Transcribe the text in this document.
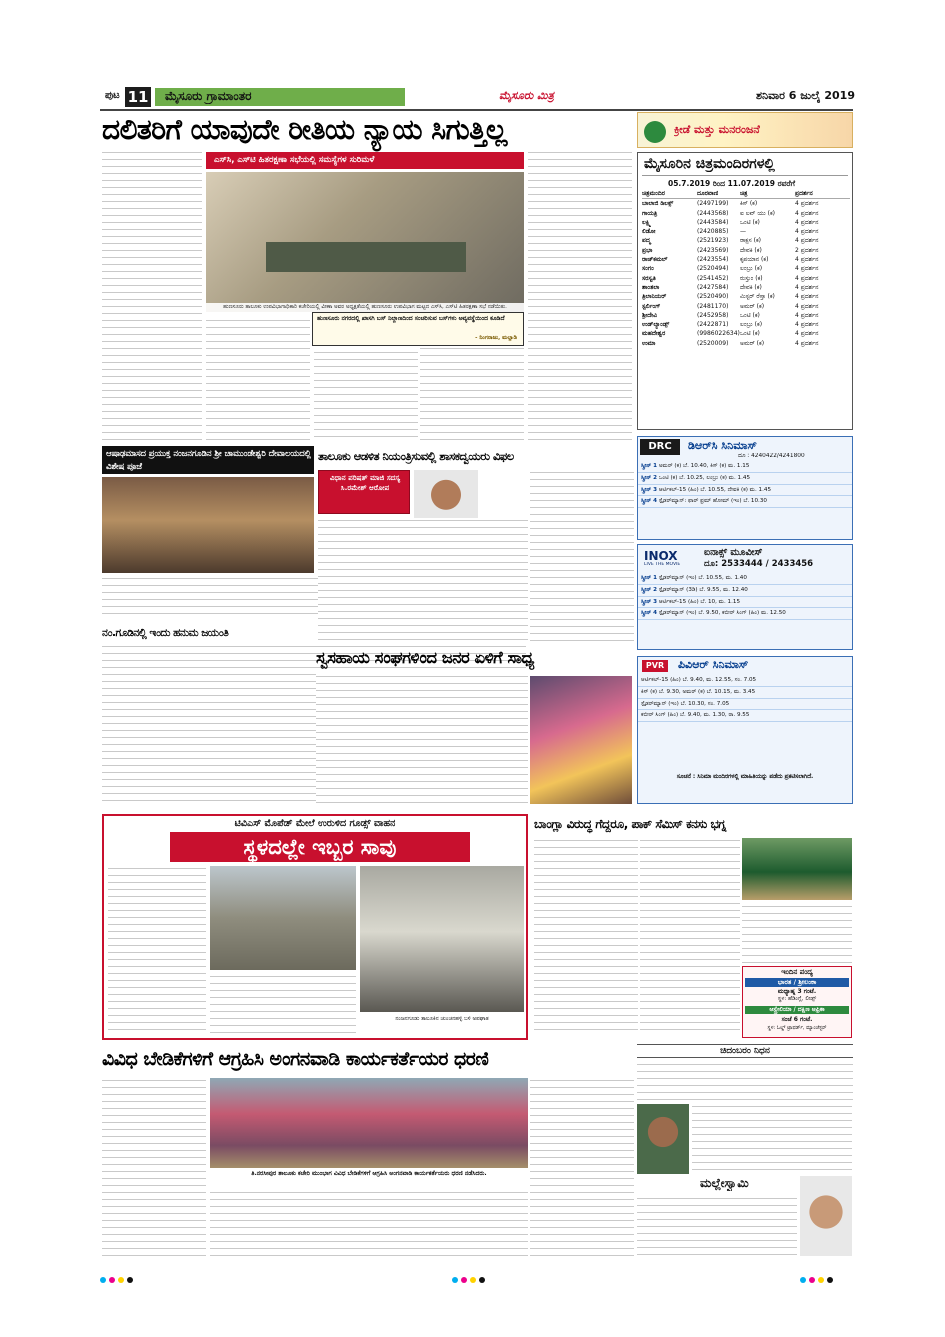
ಪುಟ 11 ಮೈಸೂರು ಗ್ರಾಮಾಂತರ	ಮೈಸೂರು ಮಿತ್ರ	ಶನಿವಾರ 6 ಜುಲೈ 2019
ದಲಿತರಿಗೆ ಯಾವುದೇ ರೀತಿಯ ನ್ಯಾಯ ಸಿಗುತ್ತಿಲ್ಲ
ಎಸ್‌ಸಿ, ಎಸ್‌ಟಿ ಹಿತರಕ್ಷಣಾ ಸಭೆಯಲ್ಲಿ ಸಮಸ್ಯೆಗಳ ಸುರಿಮಳೆ
ಹುಣಸೂರು ತಾಲೂಕು ಉಪವಿಭಾಗಾಧಿಕಾರಿ ಕಚೇರಿಯಲ್ಲಿ ವೀಣಾ ಅವರ ಅಧ್ಯಕ್ಷತೆಯಲ್ಲಿ ಹುಣಸೂರು ಉಪವಿಭಾಗ ಮಟ್ಟದ ಎಸ್‌ಸಿ, ಎಸ್‌ಟಿ ಹಿತರಕ್ಷಣಾ ಸಭೆ ನಡೆಯಿತು.
ಹುಣಸೂರು ನಗರದಲ್ಲಿ ಖಾಸಗಿ ಬಸ್ ನಿಲ್ದಾಣದಿಂದ ಸಂಚರಿಸುವ ಬಸ್‌ಗಳು ಅವ್ಯವಸ್ಥೆಯಿಂದ ಕೂಡಿದೆ
- ನಿಂಗರಾಜು, ಮಲ್ಲಾಡಿ
ಕ್ರೀಡೆ ಮತ್ತು ಮನರಂಜನೆ
ಮೈಸೂರಿನ ಚಿತ್ರಮಂದಿರಗಳಲ್ಲಿ
05.7.2019 ರಿಂದ 11.07.2019 ರವರೆಗೆ
ಚಿತ್ರಮಂದಿರ	ದೂರವಾಣಿ	ಚಿತ್ರ	ಪ್ರದರ್ಶನ
ಬಾಲಾಜಿ ಡಿಲಕ್ಸ್	(2497199)	ಕಿಸ್ (ಕ)	4 ಪ್ರದರ್ಶನ
ಗಾಯತ್ರಿ	(2443568)	ಐ ಲವ್ ಯು (ಕ)	4 ಪ್ರದರ್ಶನ
ಲಕ್ಷ್ಮಿ	(2443584)	ಒಂಟಿ (ಕ)	4 ಪ್ರದರ್ಶನ
ಲಿಡೋ	(2420885)	—	4 ಪ್ರದರ್ಶನ
ಪದ್ಮ	(2521923)	ರಾಕ್ಷಸ (ಕ)	4 ಪ್ರದರ್ಶನ
ಪ್ರಭಾ	(2423569)	ದೇವಕಿ (ಕ)	2 ಪ್ರದರ್ಶನ
ರಾಜ್‌ಕಮಲ್	(2423554)	ಕೃಪಯಾನ (ಕ)	4 ಪ್ರದರ್ಶನ
ಸಂಗಂ	(2520494)	ಲಂಬ್ರು (ಕ)	4 ಪ್ರದರ್ಶನ
ಸರಸ್ವತಿ	(2541452)	ರುಸ್ತುಂ (ಕ)	4 ಪ್ರದರ್ಶನ
ಶಾಂತಲಾ	(2427584)	ದೇವಕಿ (ಕ)	4 ಪ್ರದರ್ಶನ
ತ್ರಿಲಾನಿಯರ್	(2520490)	ಮಿಸ್ಟರ್ ರೆಸ್ತಾ (ಕ)	4 ಪ್ರದರ್ಶನ
ಸ್ಟರ್ಲಿಂಗ್	(2481170)	ಅಮರ್ (ಕ)	4 ಪ್ರದರ್ಶನ
ಶ್ರೀದೇವಿ	(2452958)	ಒಂಟಿ (ಕ)	4 ಪ್ರದರ್ಶನ
ಉಡ್‌ಲ್ಯಾಂಡ್ಸ್	(2422871)	ಲಂಬ್ರು (ಕ)	4 ಪ್ರದರ್ಶನ
ಮಹದೇಶ್ವರ	(9986022634) ಒಂಟಿ (ಕ)	4 ಪ್ರದರ್ಶನ
ಉಮಾ	(2520009)	ಅಮರ್ (ಕ)	4 ಪ್ರದರ್ಶನ
ಆಷಾಢಮಾಸದ ಪ್ರಯುಕ್ತ ನಂಜನಗೂಡಿನ ಶ್ರೀ ಚಾಮುಂಡೇಶ್ವರಿ ದೇವಾಲಯದಲ್ಲಿ ವಿಶೇಷ ಪೂಜೆ
ತಾಲೂಕು ಆಡಳಿತ ನಿಯಂತ್ರಿಸುವಲ್ಲಿ ಶಾಸಕದ್ವಯರು ವಿಫಲ
ವಿಧಾನ ಪರಿಷತ್ ಮಾಜಿ ಸದಸ್ಯ ಸಿ.ರಮೇಶ್ ಆರೋಪ
ನಂ.ಗೂಡಿನಲ್ಲಿ ಇಂದು ಹನುಮ ಜಯಂತಿ
ಸ್ವಸಹಾಯ ಸಂಘಗಳಿಂದ ಜನರ ಏಳಿಗೆ ಸಾಧ್ಯ
DRC	ಡಿಆರ್‌ಸಿ ಸಿನಿಮಾಸ್
ದೂ : 4240422/4241800
ಸ್ಕ್ರೀನ್ 1 ಅಮರ್ (ಕ) ಬೆ. 10.40, ಕಿಸ್ (ಕ) ಮ. 1.15
ಸ್ಕ್ರೀನ್ 2 ಒಂಟಿ (ಕ) ಬೆ. 10.25, ಲಂಬ್ರು (ಕ) ಮ. 1.45
ಸ್ಕ್ರೀನ್ 3 ಆರ್ಟಿಕಲ್-15 (ಹಿಂ) ಬೆ. 10.55, ದೇವಕಿ (ಕ) ಮ. 1.45
ಸ್ಕ್ರೀನ್ 4 ಸ್ಪೈಡರ್‌ಮ್ಯಾನ್: ಫಾರ್ ಫ್ರಮ್ ಹೋಮ್ (ಇಂ) ಬೆ. 10.30
INOX
LIVE THE MOVIE
ಐನಾಕ್ಸ್ ಮೂವೀಸ್
ದೂ: 2533444 / 2433456
ಸ್ಕ್ರೀನ್ 1 ಸ್ಪೈಡರ್‌ಮ್ಯಾನ್ (ಇಂ) ಬೆ. 10.55, ಮ. 1.40
ಸ್ಕ್ರೀನ್ 2 ಸ್ಪೈಡರ್‌ಮ್ಯಾನ್ (3ಡಿ) ಬೆ. 9.55, ಮ. 12.40
ಸ್ಕ್ರೀನ್ 3 ಆರ್ಟಿಕಲ್-15 (ಹಿಂ) ಬೆ. 10, ಮ. 1.15
ಸ್ಕ್ರೀನ್ 4 ಸ್ಪೈಡರ್‌ಮ್ಯಾನ್ (ಇಂ) ಬೆ. 9.50, ಕಬೀರ್ ಸಿಂಗ್ (ಹಿಂ) ಮ. 12.50
PVR	ಪಿವಿಆರ್ ಸಿನಿಮಾಸ್
ಆರ್ಟಿಕಲ್-15 (ಹಿಂ) ಬೆ. 9.40, ಮ. 12.55, ಸಂ. 7.05
ಕಿಸ್ (ಕ) ಬೆ. 9.30, ಅಮರ್ (ಕ) ಬೆ. 10.15, ಮ. 3.45
ಸ್ಪೈಡರ್‌ಮ್ಯಾನ್ (ಇಂ) ಬೆ. 10.30, ಸಂ. 7.05
ಕಬೀರ್ ಸಿಂಗ್ (ಹಿಂ) ಬೆ. 9.40, ಮ. 1.30, ರಾ. 9.55
ಸೂಚನೆ : ಸಿನಿಮಾ ಮಂದಿರಗಳಲ್ಲಿ ಮಾಹಿತಿಯನ್ನು ಪಡೆದು ಪ್ರಕಟಿಸಲಾಗಿದೆ.
ಟಿವಿಎಸ್ ಮೊಪೆಡ್ ಮೇಲೆ ಉರುಳಿದ ಗೂಡ್ಸ್ ವಾಹನ
ಸ್ಥಳದಲ್ಲೇ ಇಬ್ಬರ ಸಾವು
ನಂಜನಗೂಡು ತಾಲೂಕಿನ ಚುಂಚನಹಳ್ಳಿ ಬಳಿ ಅಪಘಾತ
ಬಾಂಗ್ಲಾ ವಿರುದ್ಧ ಗೆದ್ದರೂ, ಪಾಕ್ ಸೆಮಿಸ್ ಕನಸು ಭಗ್ನ
ಇಂದಿನ ಪಂದ್ಯ
ಭಾರತ / ಶ್ರೀಲಂಕಾ
ಮಧ್ಯಾಹ್ನ 3 ಗಂಟೆ.
ಸ್ಥಳ: ಹೆಡಿಂಗ್ಲೆ, ಲೀಡ್ಸ್
ಆಸ್ಟ್ರೇಲಿಯಾ / ದಕ್ಷಿಣ ಆಫ್ರಿಕಾ
ಸಂಜೆ 6 ಗಂಟೆ.
ಸ್ಥಳ: ಓಲ್ಡ್ ಟ್ರಾಫರ್ಡ್, ಮ್ಯಾಂಚೆಸ್ಟರ್
ವಿವಿಧ ಬೇಡಿಕೆಗಳಿಗೆ ಆಗ್ರಹಿಸಿ ಅಂಗನವಾಡಿ ಕಾರ್ಯಕರ್ತೆಯರ ಧರಣಿ
ತಿ.ನರಸೀಪುರ ತಾಲೂಕು ಕಚೇರಿ ಮುಂಭಾಗ ವಿವಿಧ ಬೇಡಿಕೆಗಳಿಗೆ ಆಗ್ರಹಿಸಿ ಅಂಗನವಾಡಿ ಕಾರ್ಯಕರ್ತೆಯರು ಧರಣಿ ನಡೆಸಿದರು.
ಚಿದಂಬರಂ ನಿಧನ
ಮಲ್ಲೇಸ್ವಾಮಿ
